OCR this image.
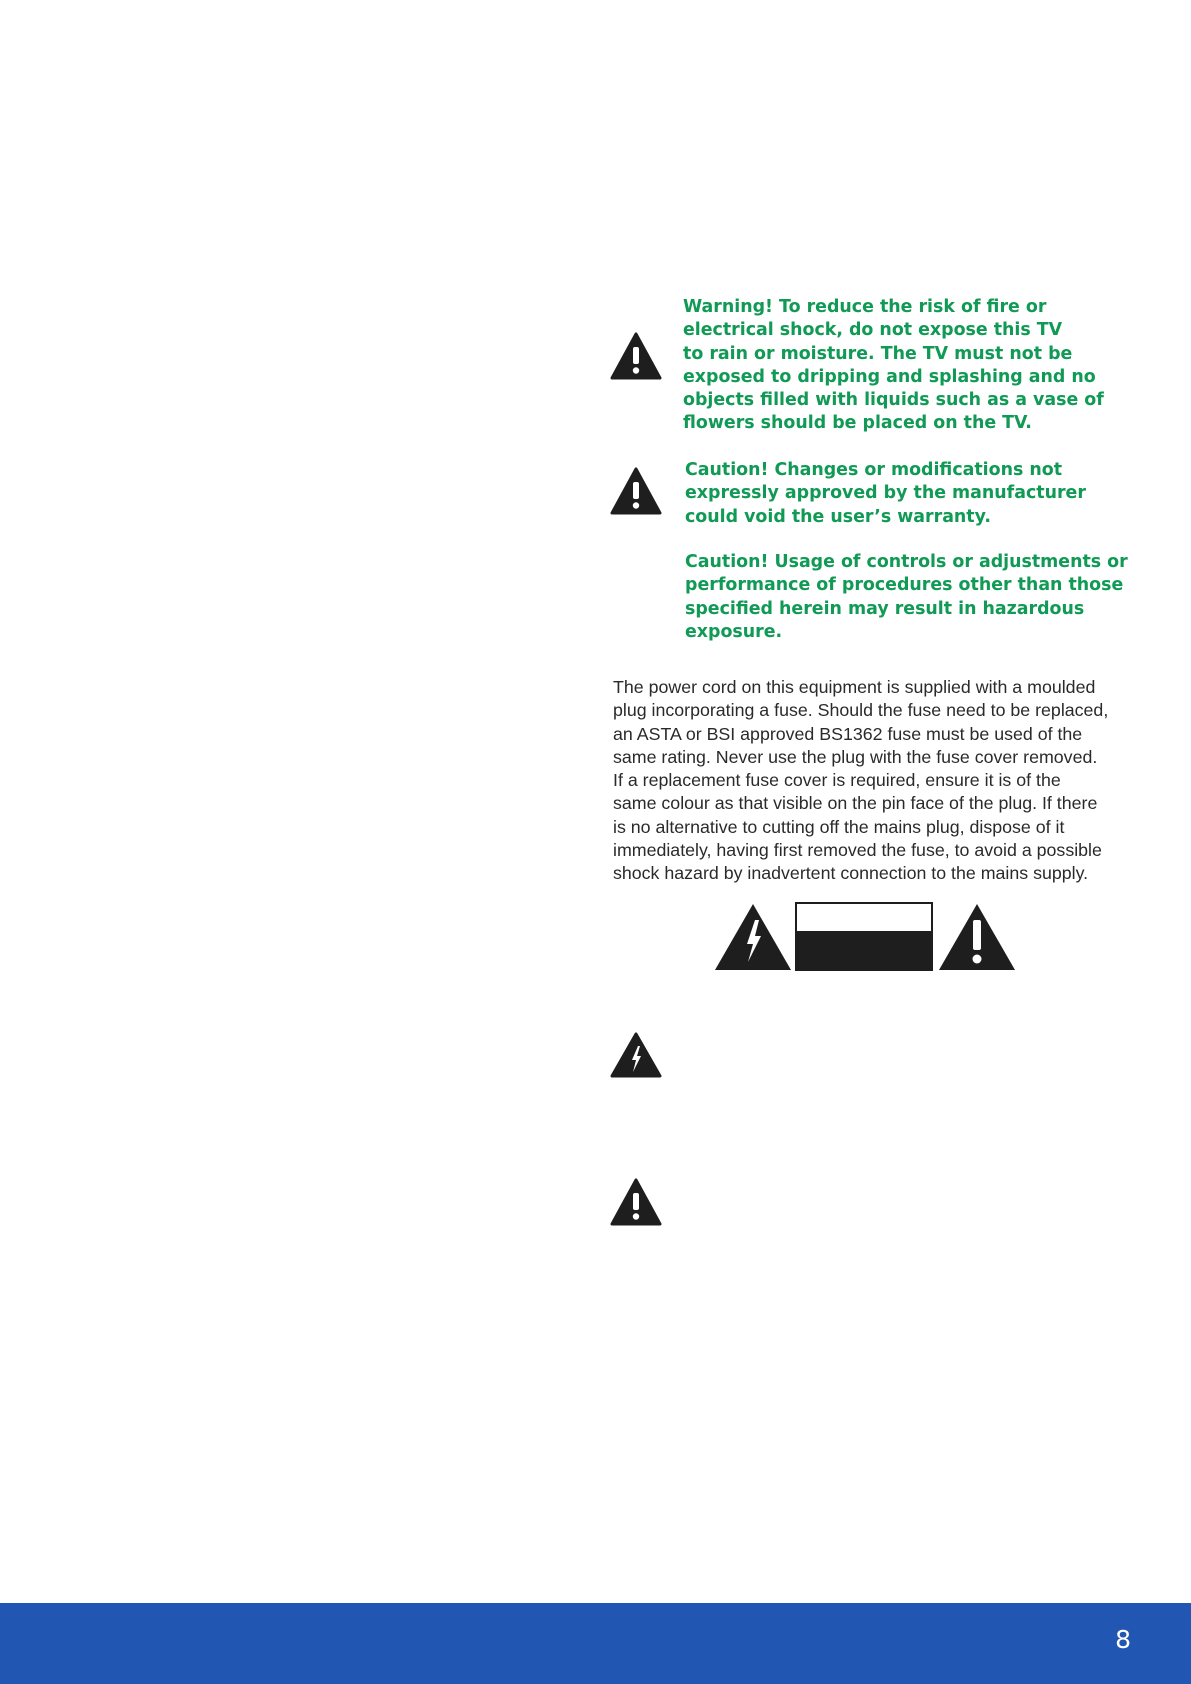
Warning! To reduce the risk of fire or
electrical shock, do not expose this TV
to rain or moisture. The TV must not be
exposed to dripping and splashing and no
objects filled with liquids such as a vase of
flowers should be placed on the TV.
Caution! Changes or modifications not
expressly approved by the manufacturer
could void the user’s warranty.
Caution! Usage of controls or adjustments or
performance of procedures other than those
specified herein may result in hazardous
exposure.
The power cord on this equipment is supplied with a moulded
plug incorporating a fuse. Should the fuse need to be replaced,
an ASTA or BSI approved BS1362 fuse must be used of the
same rating. Never use the plug with the fuse cover removed.
If a replacement fuse cover is required, ensure it is of the
same colour as that visible on the pin face of the plug. If there
is no alternative to cutting off the mains plug, dispose of it
immediately, having first removed the fuse, to avoid a possible
shock hazard by inadvertent connection to the mains supply.
8
